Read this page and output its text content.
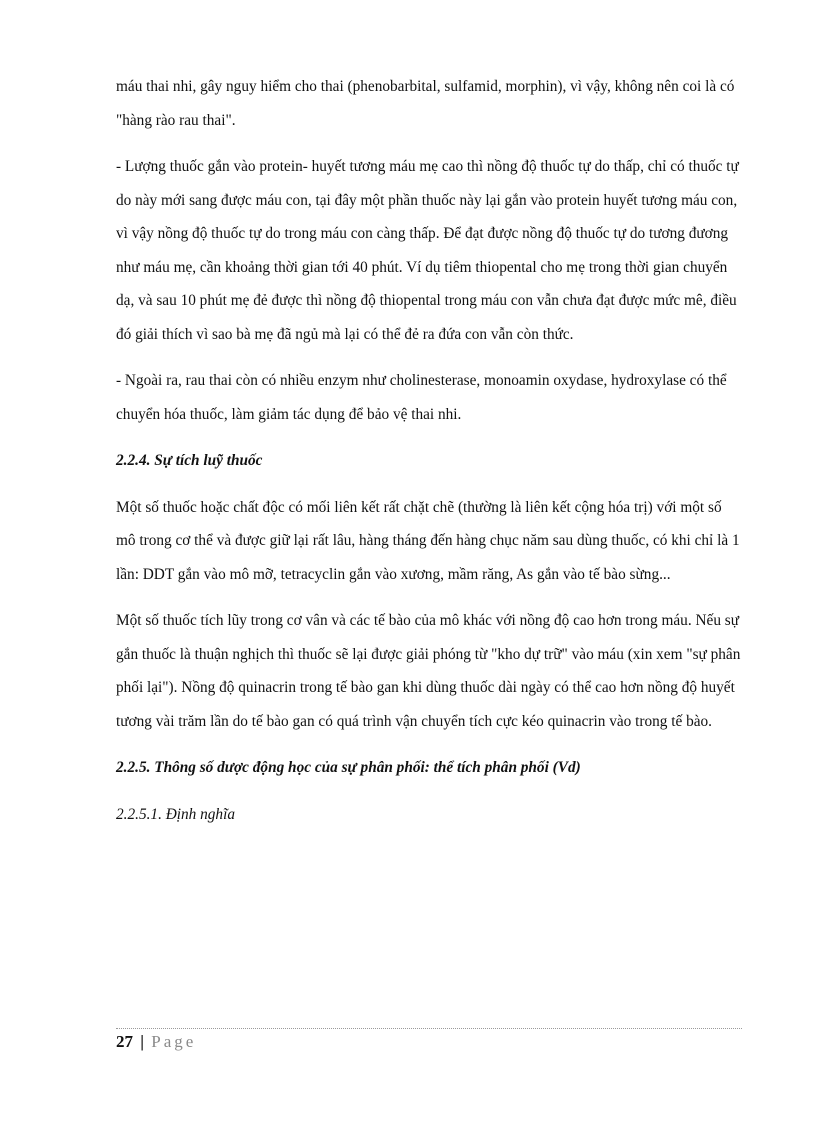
máu thai nhi, gây nguy hiểm cho thai (phenobarbital, sulfamid, morphin), vì vậy, không nên coi là có "hàng rào rau thai".

- Lượng thuốc gắn vào protein- huyết tương máu mẹ cao thì nồng độ thuốc tự do thấp, chỉ có thuốc tự do này mới sang được máu con, tại đây một phần thuốc này lại gắn vào protein huyết tương máu con, vì vậy nồng độ thuốc tự do trong máu con càng thấp. Để đạt được nồng độ thuốc tự do tương đương như máu mẹ, cần khoảng thời gian tới 40 phút. Ví dụ tiêm thiopental cho mẹ trong thời gian chuyển dạ, và sau 10 phút mẹ đẻ được thì nồng độ thiopental trong máu con vẫn chưa đạt được mức mê, điều đó giải thích vì sao bà mẹ đã ngủ mà lại có thể đẻ ra đứa con vẫn còn thức.

- Ngoài ra, rau thai còn có nhiều enzym như cholinesterase, monoamin oxydase, hydroxylase có thể chuyển hóa thuốc, làm giảm tác dụng để bảo vệ thai nhi.

2.2.4. Sự tích luỹ thuốc

Một số thuốc hoặc chất độc có mối liên kết rất chặt chẽ (thường là liên kết cộng hóa trị) với một số mô trong cơ thể và được giữ lại rất lâu, hàng tháng đến hàng chục năm sau dùng thuốc, có khi chỉ là 1 lần: DDT gắn vào mô mỡ, tetracyclin gắn vào xương, mầm răng, As gắn vào tế bào sừng...

Một số thuốc tích lũy trong cơ vân và các tế bào của mô khác với nồng độ cao hơn trong máu. Nếu sự gắn thuốc là thuận nghịch thì thuốc sẽ lại được giải phóng từ "kho dự trữ" vào máu (xin xem "sự phân phối lại"). Nồng độ quinacrin trong tế bào gan khi dùng thuốc dài ngày có thể cao hơn nồng độ huyết tương vài trăm lần do tế bào gan có quá trình vận chuyển tích cực kéo quinacrin vào trong tế bào.

2.2.5. Thông số dược động học của sự phân phối: thể tích phân phối (Vd)

2.2.5.1. Định nghĩa

27 | Page
